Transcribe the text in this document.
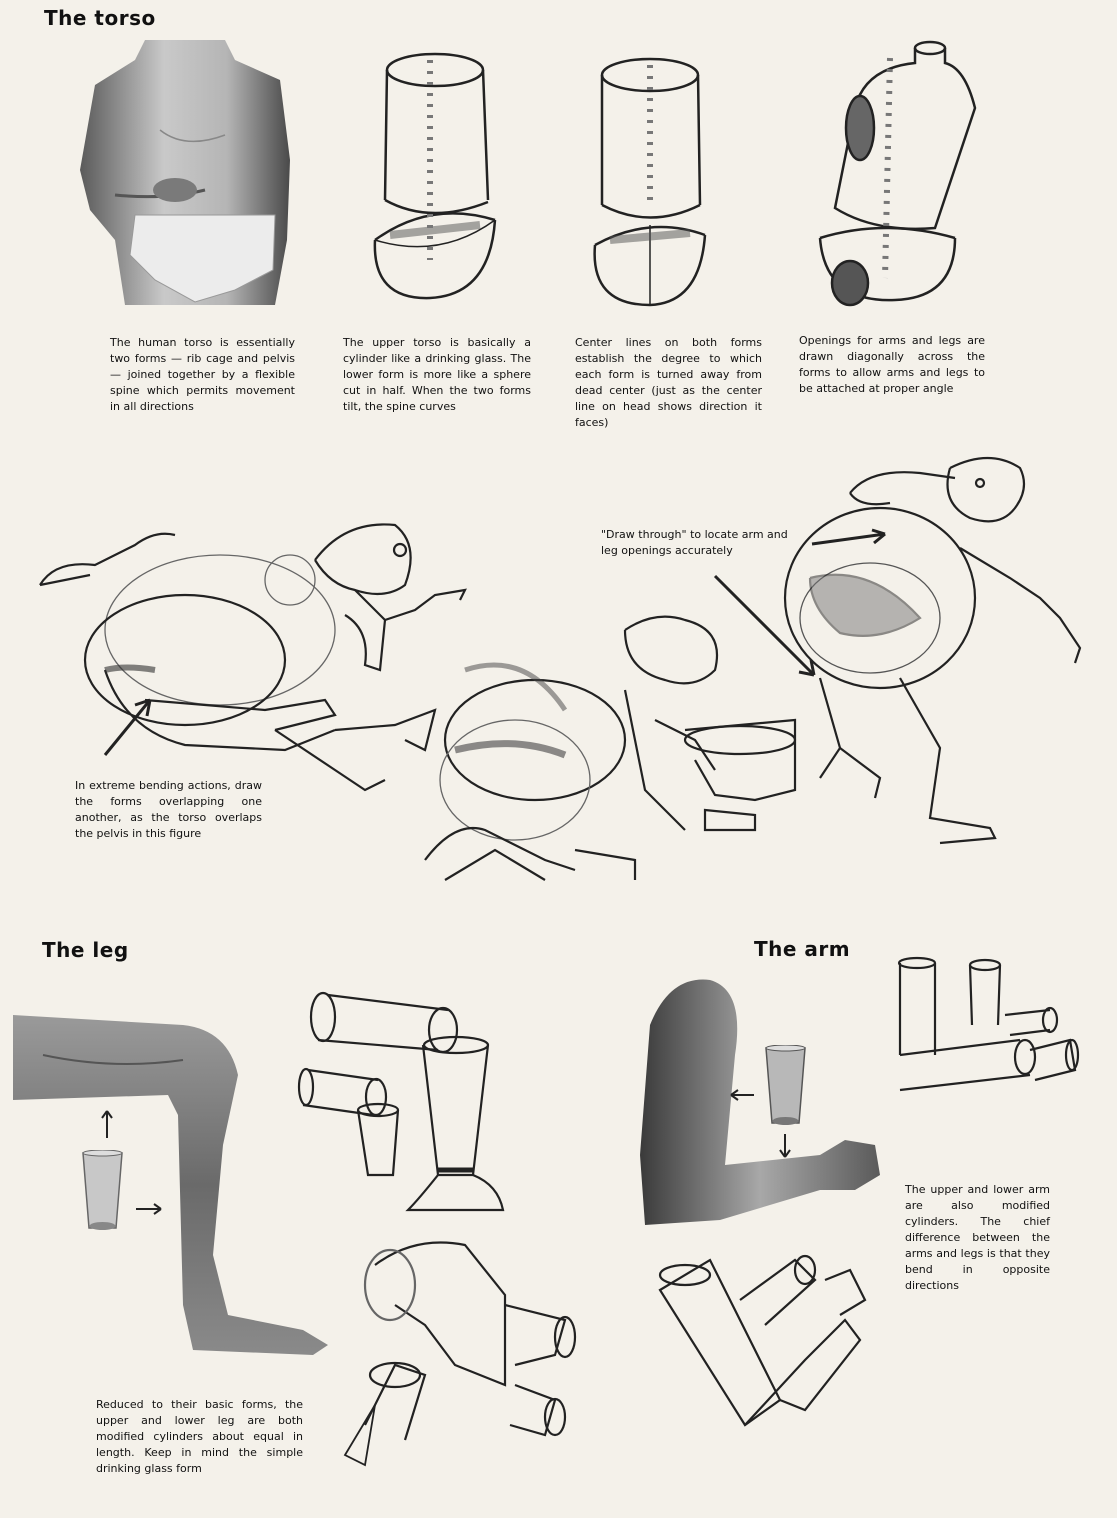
The torso
The leg	The arm
The human torso is essentially two forms — rib cage and pelvis — joined together by a flexible spine which permits movement in all directions
The upper torso is basically a cylinder like a drinking glass. The lower form is more like a sphere cut in half. When the two forms tilt, the spine curves
Center lines on both forms establish the degree to which each form is turned away from dead center (just as the center line on head shows direction it faces)
Openings for arms and legs are drawn diagonally across the forms to allow arms and legs to be attached at proper angle
In extreme bending actions, draw the forms overlapping one another, as the torso overlaps the pelvis in this figure
"Draw through" to locate arm and leg openings accurately
Reduced to their basic forms, the upper and lower leg are both modified cylinders about equal in length. Keep in mind the simple drinking glass form
The upper and lower arm are also modified cylinders. The chief difference between the arms and legs is that they bend in opposite directions
